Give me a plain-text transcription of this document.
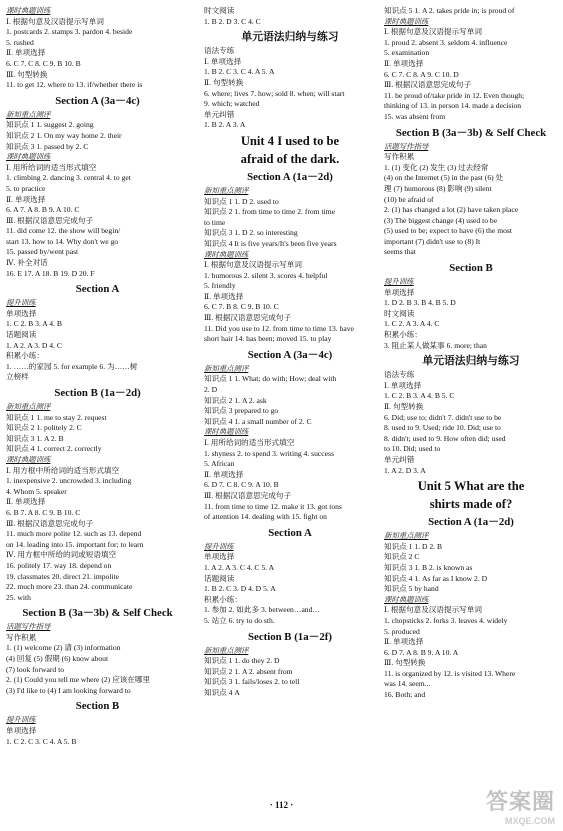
课时典题训练
Ⅰ. 根据句意及汉语提示写单词
1. postcards 2. stamps 3. pardon 4. beside
5. rushed
Ⅱ. 单项选择
6. C 7. C 8. C 9. B 10. B
Ⅲ. 句型转换
11. to get 12. where to 13. if/whether there is
Section A (3a－4c)
新知重点测评
知识点 1 1. suggest 2. going
知识点 2 1. On my way home 2. their
知识点 3 1. passed by 2. C
课时典题训练
Ⅰ. 用所给词的适当形式填空
1. climbing 2. dancing 3. central 4. to get
5. to practice
Ⅱ. 单项选择
6. A 7. A 8. B 9. A 10. C
Ⅲ. 根据汉语意思完成句子
11. did come 12. the show will begin/
start 13. how to 14. Why don't we go
15. passed by/went past
Ⅳ. 补全对话
16. E 17. A 18. B 19. D 20. F
Section A
提升训练
单项选择
1. C 2. B 3. A 4. B
话题阅读
1. A 2. A 3. D 4. C
积累小练：
1. ……的家园 5. for example 6. 为……树
立榜样
Section B (1a－2d)
新知重点测评
知识点 1 1. me to stay 2. request
知识点 2 1. politely 2. C
知识点 3 1. A 2. B
知识点 4 1. correct 2. correctly
课时典题训练
Ⅰ. 用方框中所给词的适当形式填空
1. inexpensive 2. uncrowded 3. including
4. Whom 5. speaker
Ⅱ. 单项选择
6. B 7. A 8. C 9. B 10. C
Ⅲ. 根据汉语意思完成句子
11. much more polite 12. such as 13. depend
on 14. leading into 15. important for; to learn
Ⅳ. 用方框中所给的词或短语填空
16. politely 17. way 18. depend on
19. classmates 20. direct 21. impolite
22. much more 23. than 24. communicate
25. with
Section B (3a－3b) & Self Check
话题写作指导
写作积累
1. (1) welcome (2) 请 (3) information
(4) 回复 (5) 假期 (6) know about
(7) look forward to
2. (1) Could you tell me where (2) 应该在哪里
(3) I'd like to (4) I am looking forward to
Section B
提升训练
单项选择
1. C 2. C 3. C 4. A 5. B
时文阅读
1. B 2. D 3. C 4. C
单元语法归纳与练习
语法专练
Ⅰ. 单项选择
1. B 2. C 3. C 4. A 5. A
Ⅱ. 句型转换
6. where; lives 7. how; sold 8. when; will start
9. which; watched
单元纠错
1. B 2. A 3. A
Unit 4 I used to be
afraid of the dark.
Section A (1a－2d)
新知重点测评
知识点 1 1. D 2. used to
知识点 2 1. from time to time 2. from time
to time
知识点 3 1. D 2. so interesting
知识点 4 It is five years/It's been five years
课时典题训练
Ⅰ. 根据句意及汉语提示写单词
1. humorous 2. silent 3. scores 4. helpful
5. friendly
Ⅱ. 单项选择
6. C 7. B 8. C 9. B 10. C
Ⅲ. 根据汉语意思完成句子
11. Did you use to 12. from time to time 13. have
short hair 14. has been; moved 15. to play
Section A (3a－4c)
新知重点测评
知识点 1 1. What; do with; How; deal with
2. D
知识点 2 1. A 2. ask
知识点 3 prepared to go
知识点 4 1. a small number of 2. C
课时典题训练
Ⅰ. 用所给词的适当形式填空
1. shyness 2. to spend 3. writing 4. success
5. African
Ⅱ. 单项选择
6. D 7. C 8. C 9. A 10. B
Ⅲ. 根据汉语意思完成句子
11. from time to time 12. make it 13. got tons
of attention 14. dealing with 15. fight on
Section A
提升训练
单项选择
1. A 2. A 3. C 4. C 5. A
话题阅读
1. B 2. C 3. D 4. D 5. A
积累小练：
1. 参加 2. 如此多 3. between…and…
5. 站立 6. try to do sth.
Section B (1a－2f)
新知重点测评
知识点 1 1. do they 2. D
知识点 2 1. A 2. absent from
知识点 3 1. fails/loses 2. to tell
知识点 4 A
知识点 5 1. A 2. takes pride in; is proud of
课时典题训练
Ⅰ. 根据句意及汉语提示写单词
1. proud 2. absent 3. seldom 4. influence
5. examination
Ⅱ. 单项选择
6. C 7. C 8. A 9. C 10. D
Ⅲ. 根据汉语意思完成句子
11. be proud of/take pride in 12. Even though;
thinking of 13. in person 14. made a decision
15. was absent from
Section B (3a－3b) & Self Check
话题写作指导
写作积累
1. (1) 变化 (2) 发生 (3) 过去经常
(4) on the Internet (5) in the past (6) 处
理 (7) humorous (8) 影响 (9) silent
(10) be afraid of
2. (1) has changed a lot (2) have taken place
(3) The biggest change (4) used to be
(5) used to be; expect to have (6) the most
important (7) didn't use to (8) It
seems that
Section B
提升训练
单项选择
1. D 2. B 3. B 4. B 5. D
时文阅读
1. C 2. A 3. A 4. C
积累小练：
3. 阻止某人做某事 6. more; than
单元语法归纳与练习
语法专练
Ⅰ. 单项选择
1. C 2. B 3. A 4. B 5. C
Ⅱ. 句型转换
6. Did; use to; didn't 7. didn't use to be
8. used to 9. Used; ride 10. Did; use to
8. didn't; used to 9. How often did; used
to 10. Did; used to
单元纠错
1. A 2. D 3. A
Unit 5 What are the
shirts made of?
Section A (1a－2d)
新知重点测评
知识点 1 1. D 2. B
知识点 2 C
知识点 3 1. B 2. is known as
知识点 4 1. As far as I know 2. D
知识点 5 by hand
课时典题训练
Ⅰ. 根据句意及汉语提示写单词
1. chopsticks 2. forks 3. leaves 4. widely
5. produced
Ⅱ. 单项选择
6. D 7. A 8. B 9. A 10. A
Ⅲ. 句型转换
11. is organized by 12. is visited 13. Where
was 14. seem...
16. Both; and
· 112 ·	答案圈
MXQE.COM
